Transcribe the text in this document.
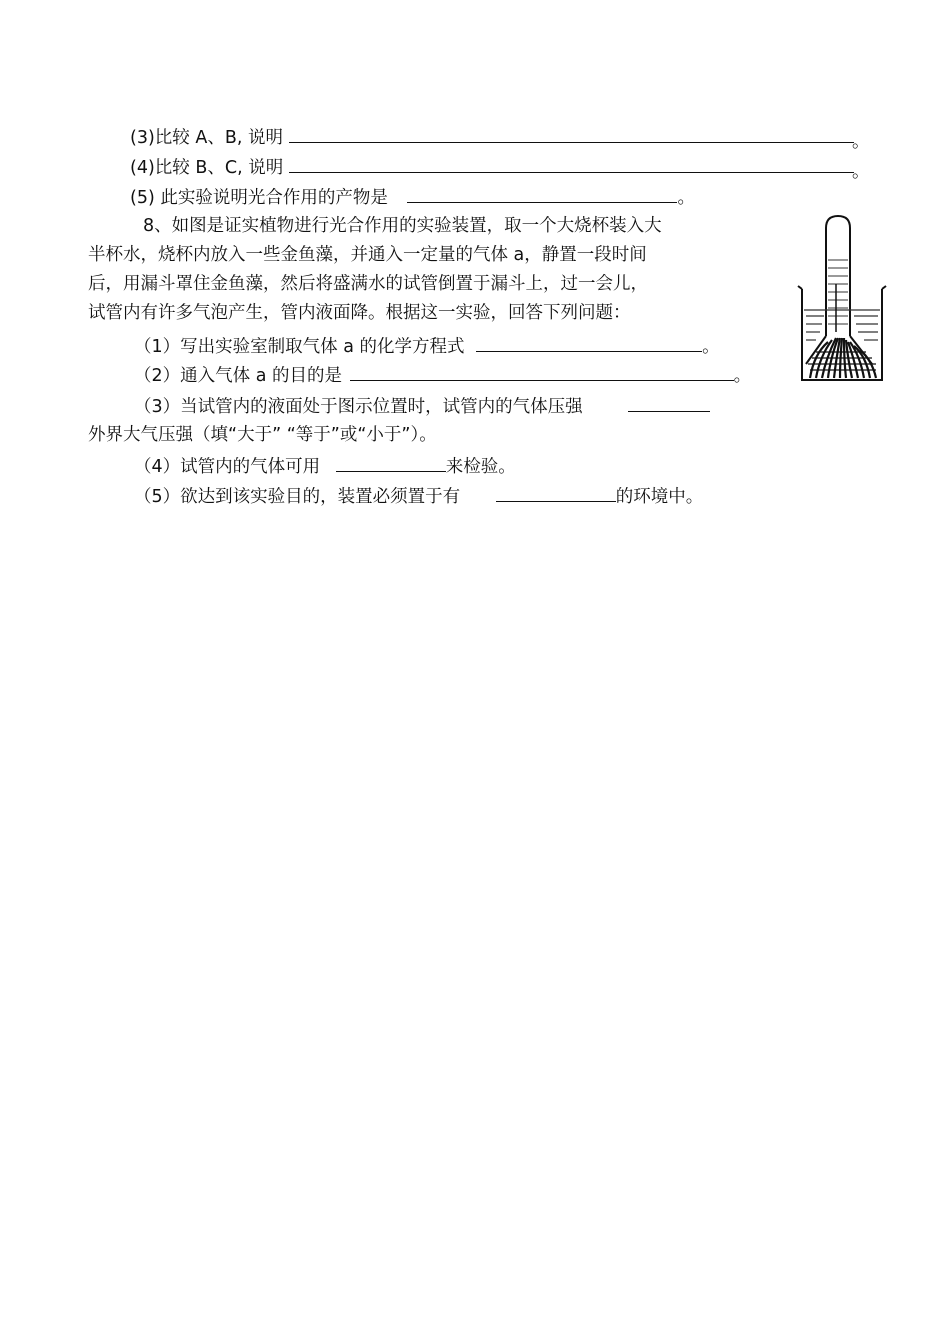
(3)比较 A、B, 说明	。
(4)比较 B、C, 说明	。
(5) 此实验说明光合作用的产物是	。
8、如图是证实植物进行光合作用的实验装置，取一个大烧杯装入大
半杯水，烧杯内放入一些金鱼藻，并通入一定量的气体 a，静置一段时间
后，用漏斗罩住金鱼藻，然后将盛满水的试管倒置于漏斗上，过一会儿，
试管内有许多气泡产生，管内液面降。根据这一实验，回答下列问题：
（1）写出实验室制取气体 a 的化学方程式	。
（2）通入气体 a 的目的是	。
（3）当试管内的液面处于图示位置时，试管内的气体压强
外界大气压强（填“大于” “等于”或“小于”）。
（4）试管内的气体可用	来检验。
（5）欲达到该实验目的，装置必须置于有	的环境中。
